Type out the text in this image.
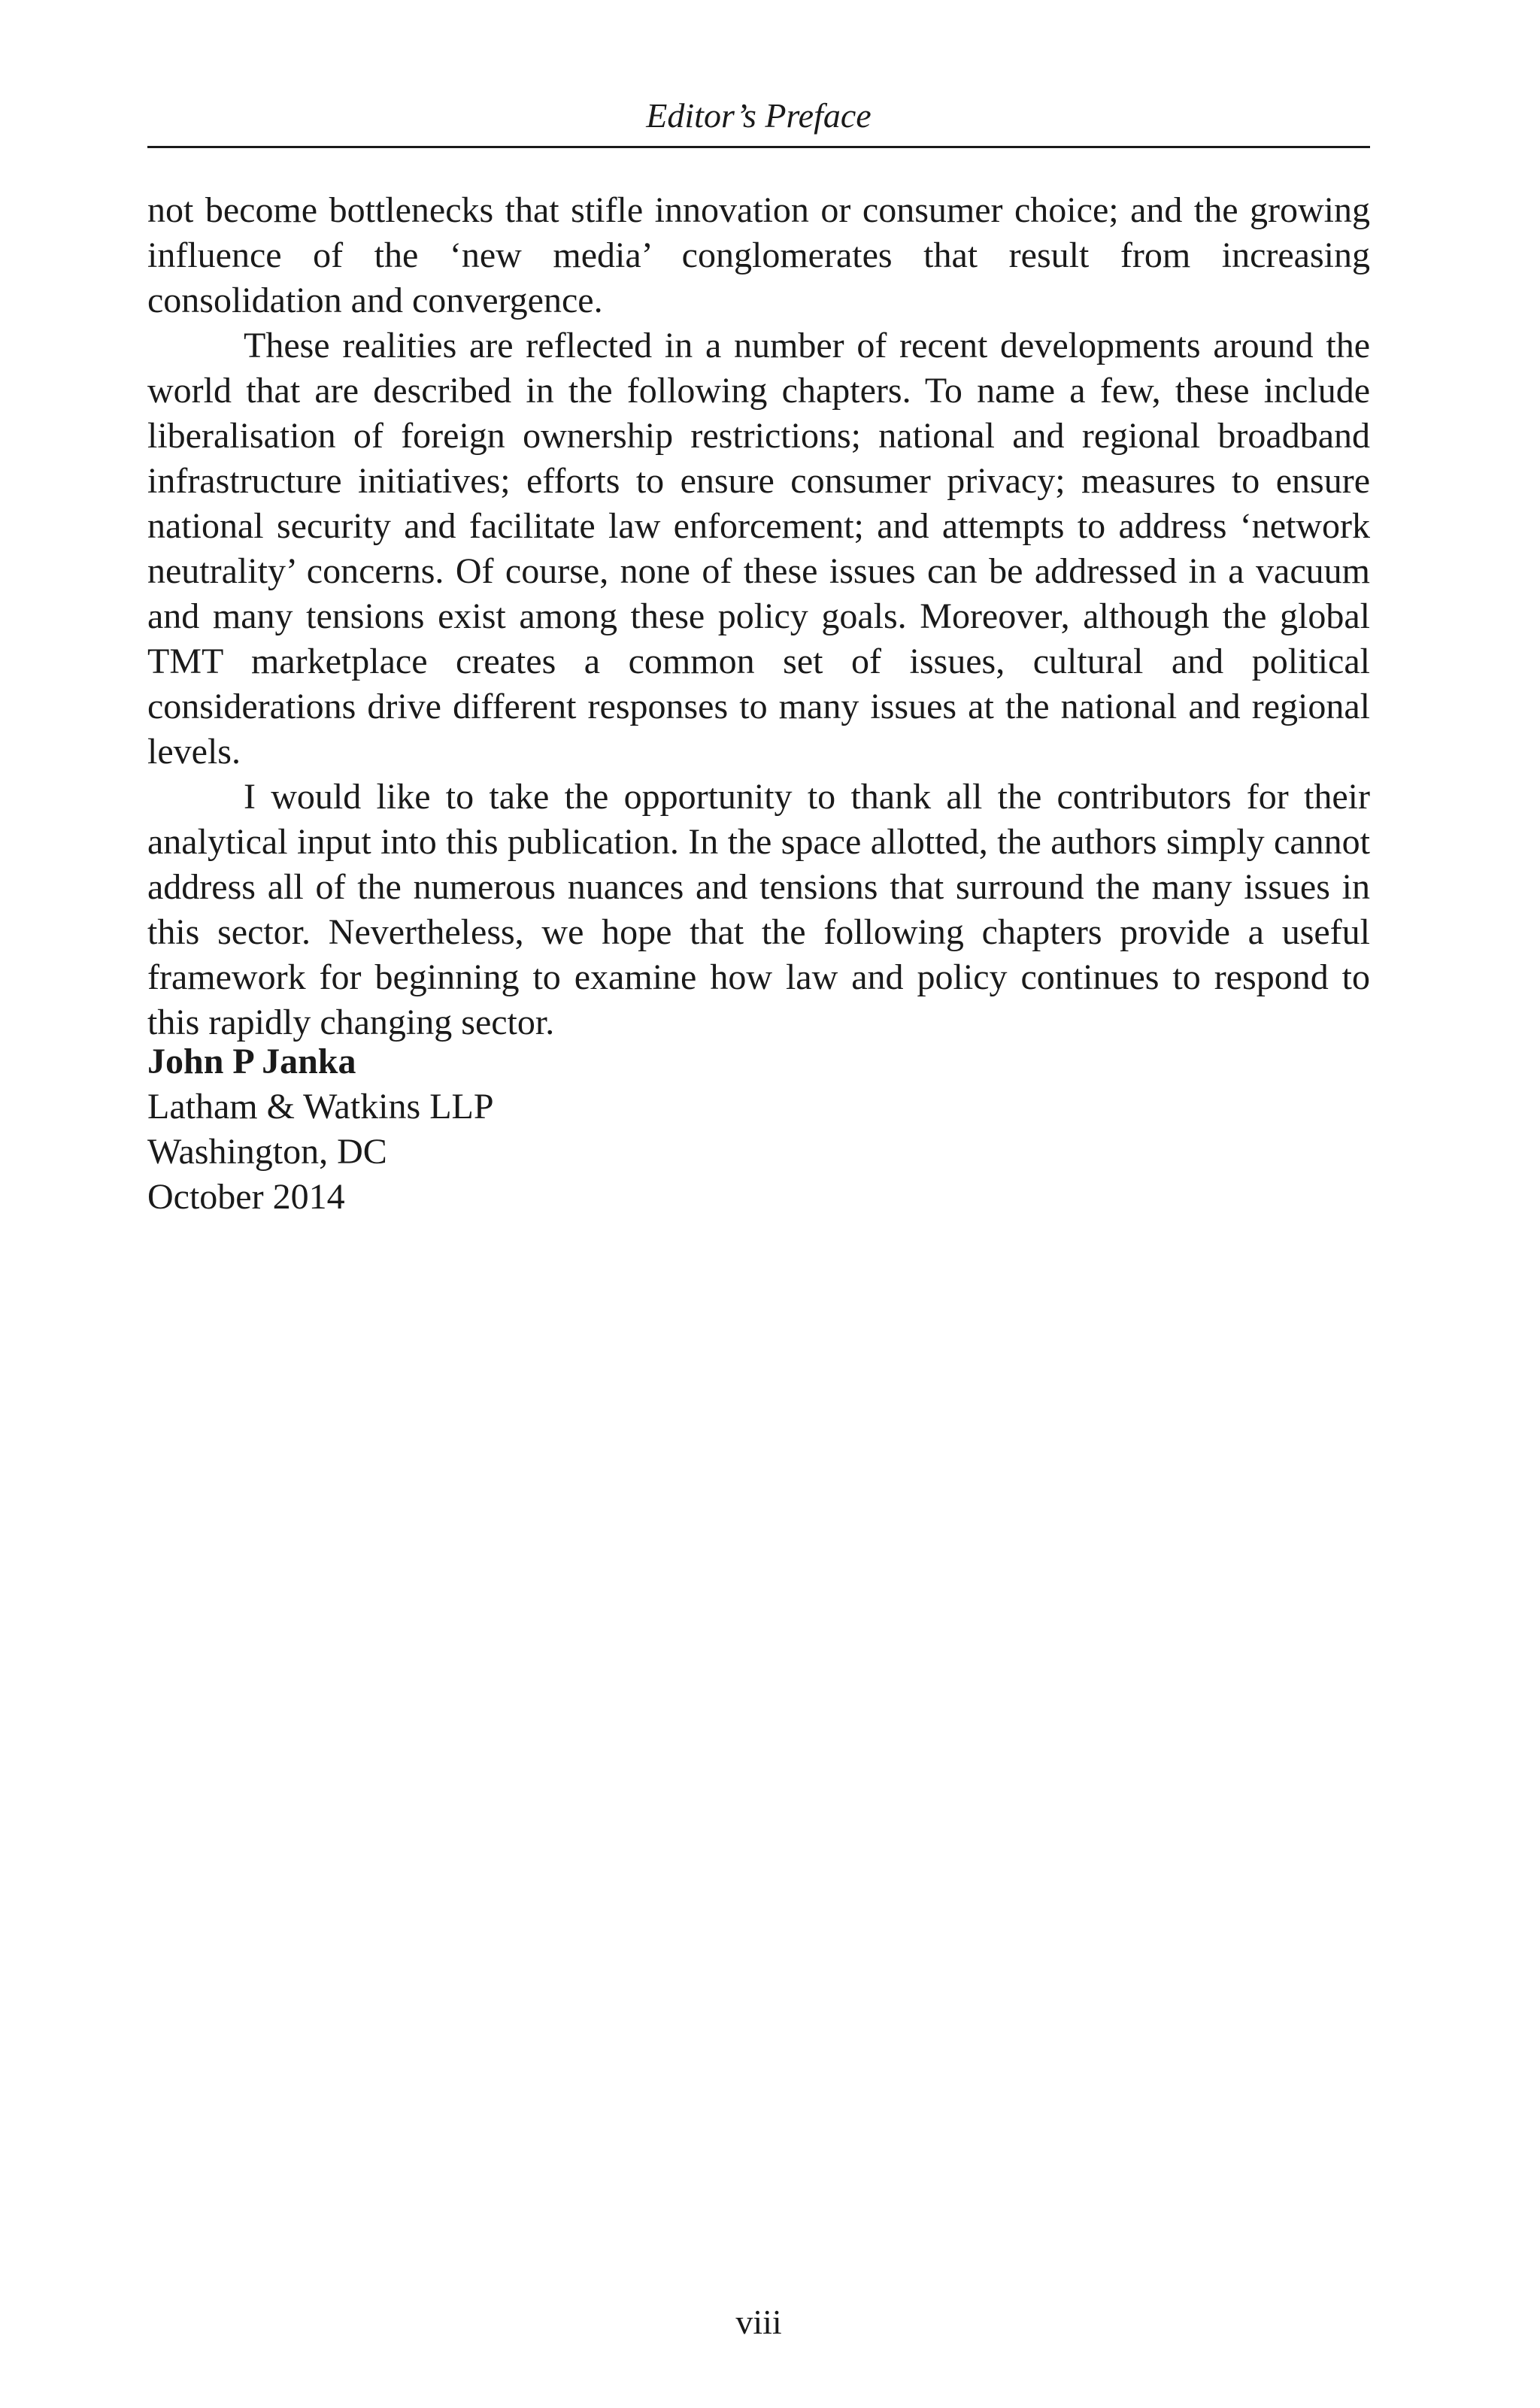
Editor’s Preface

not become bottlenecks that stifle innovation or consumer choice; and the growing influence of the ‘new media’ conglomerates that result from increasing consolidation and convergence.

These realities are reflected in a number of recent developments around the world that are described in the following chapters. To name a few, these include liberalisation of foreign ownership restrictions; national and regional broadband infrastructure initiatives; efforts to ensure consumer privacy; measures to ensure national security and facilitate law enforcement; and attempts to address ‘network neutrality’ concerns. Of course, none of these issues can be addressed in a vacuum and many tensions exist among these policy goals. Moreover, although the global TMT marketplace creates a common set of issues, cultural and political considerations drive different responses to many issues at the national and regional levels.

I would like to take the opportunity to thank all the contributors for their analytical input into this publication. In the space allotted, the authors simply cannot address all of the numerous nuances and tensions that surround the many issues in this sector. Nevertheless, we hope that the following chapters provide a useful framework for beginning to examine how law and policy continues to respond to this rapidly changing sector.

John P Janka
Latham & Watkins LLP
Washington, DC
October 2014
viii
